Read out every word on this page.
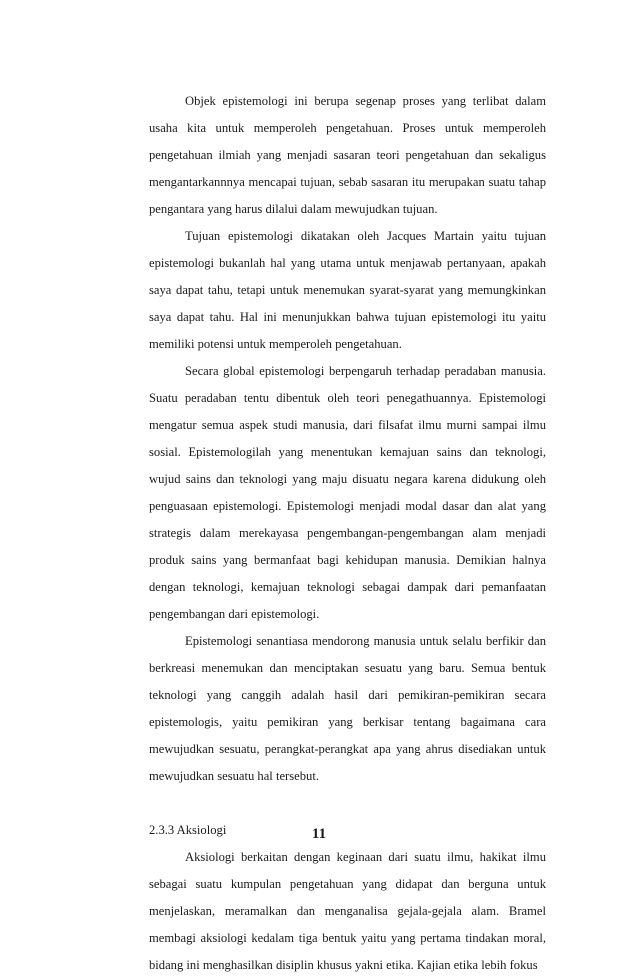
Objek epistemologi ini berupa segenap proses yang terlibat dalam usaha kita untuk memperoleh pengetahuan. Proses untuk memperoleh pengetahuan ilmiah yang menjadi sasaran teori pengetahuan dan sekaligus mengantarkannnya mencapai tujuan, sebab sasaran itu merupakan suatu tahap pengantara yang harus dilalui dalam mewujudkan tujuan.

Tujuan epistemologi dikatakan oleh Jacques Martain yaitu tujuan epistemologi bukanlah hal yang utama untuk menjawab pertanyaan, apakah saya dapat tahu, tetapi untuk menemukan syarat-syarat yang memungkinkan saya dapat tahu. Hal ini menunjukkan bahwa tujuan epistemologi itu yaitu memiliki potensi untuk memperoleh pengetahuan.

Secara global epistemologi berpengaruh terhadap peradaban manusia. Suatu peradaban tentu dibentuk oleh teori penegathuannya. Epistemologi mengatur semua aspek studi manusia, dari filsafat ilmu murni sampai ilmu sosial. Epistemologilah yang menentukan kemajuan sains dan teknologi, wujud sains dan teknologi yang maju disuatu negara karena didukung oleh penguasaan epistemologi. Epistemologi menjadi modal dasar dan alat yang strategis dalam merekayasa pengembangan-pengembangan alam menjadi produk sains yang bermanfaat bagi kehidupan manusia. Demikian halnya dengan teknologi, kemajuan teknologi sebagai dampak dari pemanfaatan pengembangan dari epistemologi.

Epistemologi senantiasa mendorong manusia untuk selalu berfikir dan berkreasi menemukan dan menciptakan sesuatu yang baru. Semua bentuk teknologi yang canggih adalah hasil dari pemikiran-pemikiran secara epistemologis, yaitu pemikiran yang berkisar tentang bagaimana cara mewujudkan sesuatu, perangkat-perangkat apa yang ahrus disediakan untuk mewujudkan sesuatu hal tersebut.

2.3.3 Aksiologi

Aksiologi berkaitan dengan keginaan dari suatu ilmu, hakikat ilmu sebagai suatu kumpulan pengetahuan yang didapat dan berguna untuk menjelaskan, meramalkan dan menganalisa gejala-gejala alam. Bramel membagi aksiologi kedalam tiga bentuk yaitu yang pertama tindakan moral, bidang ini menghasilkan disiplin khusus yakni etika. Kajian etika lebih fokus

11
